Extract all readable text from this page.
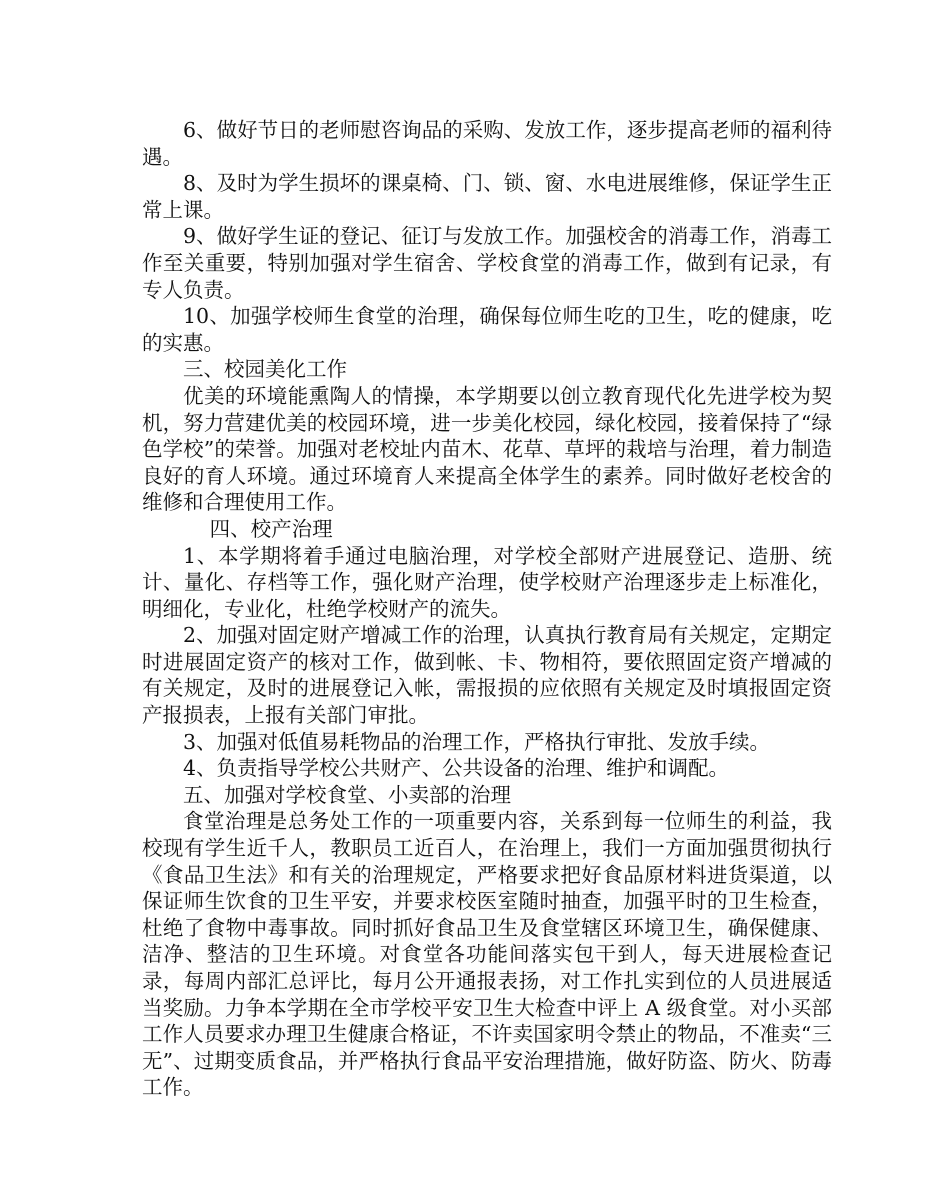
6、做好节日的老师慰咨询品的采购、发放工作，逐步提高老师的福利待遇。

8、及时为学生损坏的课桌椅、门、锁、窗、水电进展维修，保证学生正常上课。

9、做好学生证的登记、征订与发放工作。加强校舍的消毒工作，消毒工作至关重要，特别加强对学生宿舍、学校食堂的消毒工作，做到有记录，有专人负责。

10、加强学校师生食堂的治理，确保每位师生吃的卫生，吃的健康，吃的实惠。

三、校园美化工作

优美的环境能熏陶人的情操，本学期要以创立教育现代化先进学校为契机，努力营建优美的校园环境，进一步美化校园，绿化校园，接着保持了“绿色学校”的荣誉。加强对老校址内苗木、花草、草坪的栽培与治理，着力制造良好的育人环境。通过环境育人来提高全体学生的素养。同时做好老校舍的维修和合理使用工作。

四、校产治理

1、本学期将着手通过电脑治理，对学校全部财产进展登记、造册、统计、量化、存档等工作，强化财产治理，使学校财产治理逐步走上标准化，明细化，专业化，杜绝学校财产的流失。

2、加强对固定财产增减工作的治理，认真执行教育局有关规定，定期定时进展固定资产的核对工作，做到帐、卡、物相符，要依照固定资产增减的有关规定，及时的进展登记入帐，需报损的应依照有关规定及时填报固定资产报损表，上报有关部门审批。

3、加强对低值易耗物品的治理工作，严格执行审批、发放手续。

4、负责指导学校公共财产、公共设备的治理、维护和调配。

五、加强对学校食堂、小卖部的治理

食堂治理是总务处工作的一项重要内容，关系到每一位师生的利益，我校现有学生近千人，教职员工近百人，在治理上，我们一方面加强贯彻执行《食品卫生法》和有关的治理规定，严格要求把好食品原材料进货渠道，以保证师生饮食的卫生平安，并要求校医室随时抽查，加强平时的卫生检查，杜绝了食物中毒事故。同时抓好食品卫生及食堂辖区环境卫生，确保健康、洁净、整洁的卫生环境。对食堂各功能间落实包干到人，每天进展检查记录，每周内部汇总评比，每月公开通报表扬，对工作扎实到位的人员进展适当奖励。力争本学期在全市学校平安卫生大检查中评上 A 级食堂。对小买部工作人员要求办理卫生健康合格证，不许卖国家明令禁止的物品，不准卖“三无”、过期变质食品，并严格执行食品平安治理措施，做好防盗、防火、防毒工作。
